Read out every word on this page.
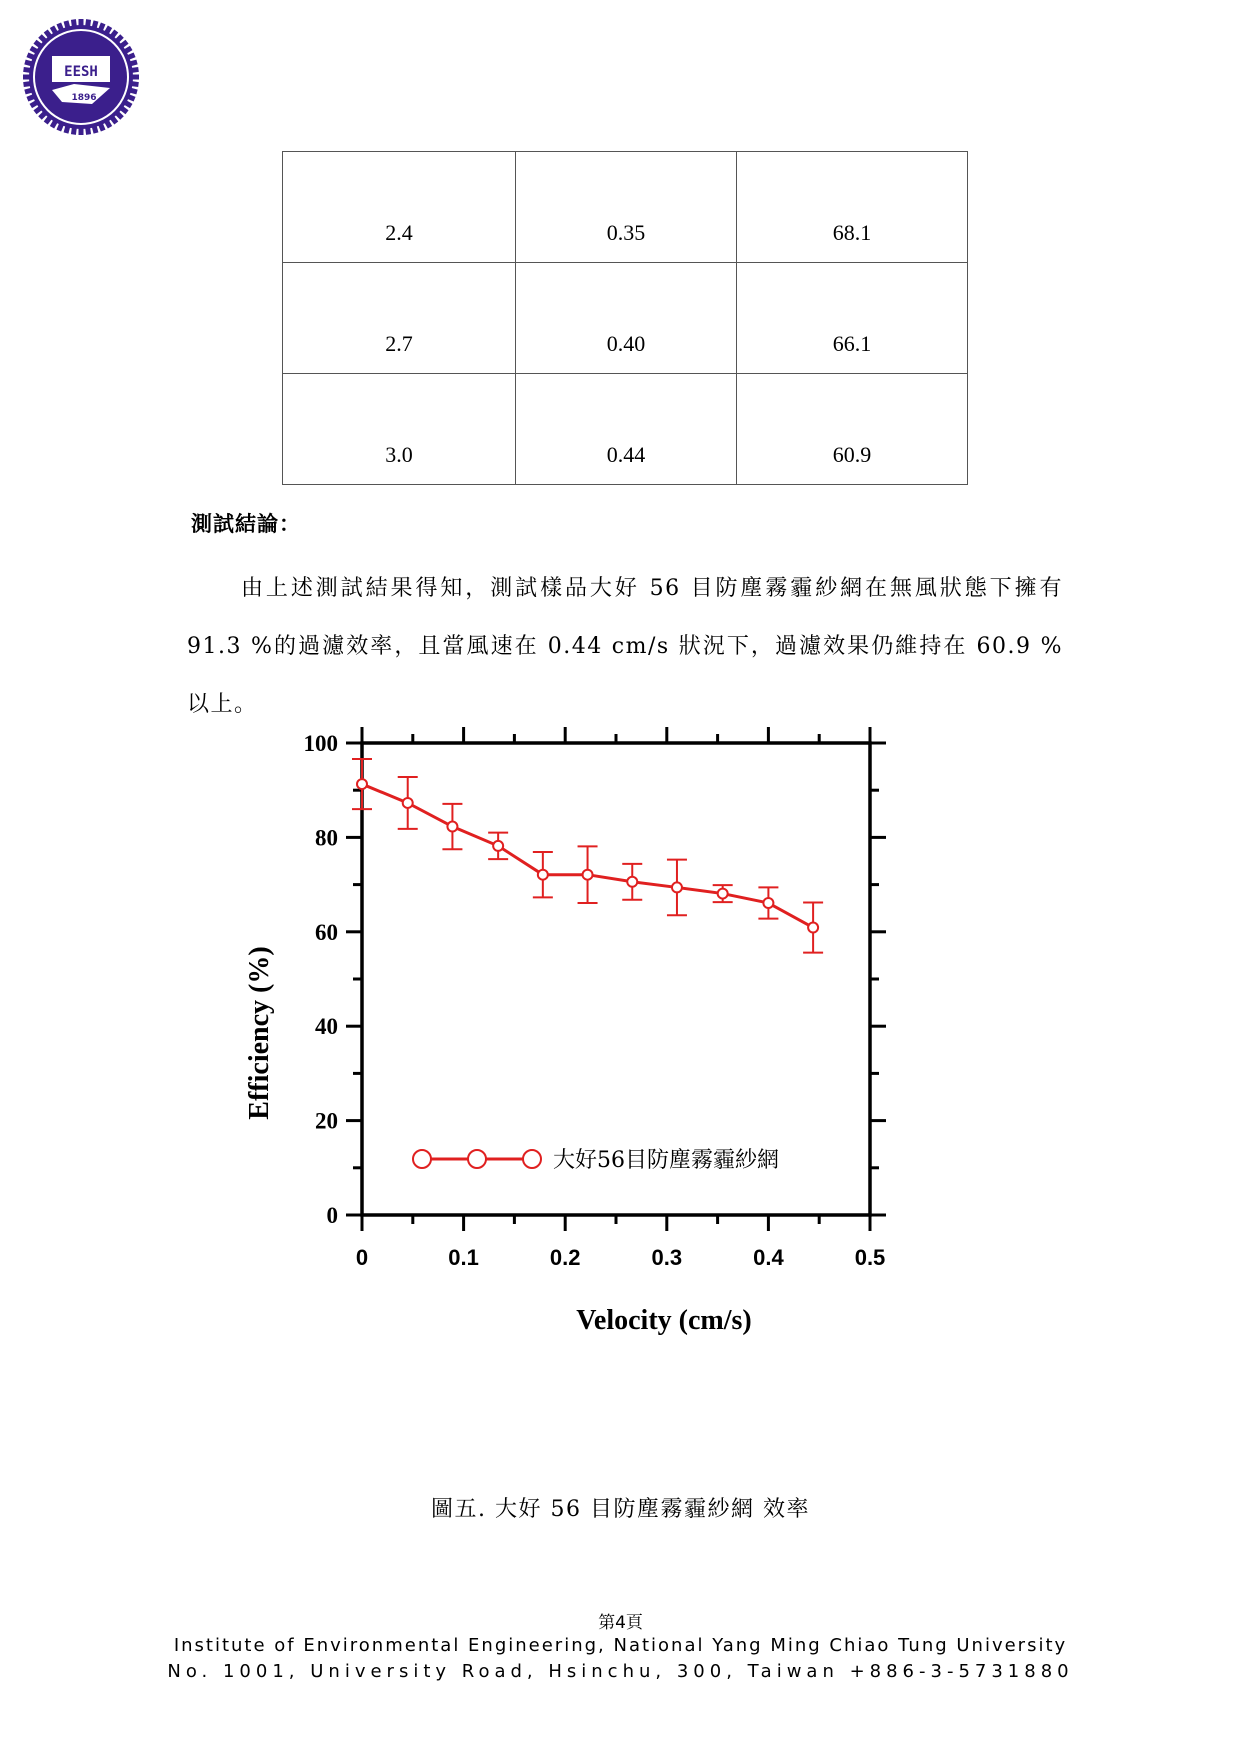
EESH
1896
2.4	0.35	68.1
2.7	0.40	66.1
3.0	0.44	60.9
測試結論：
由上述測試結果得知，測試樣品大好 56 目防塵霧霾紗網在無風狀態下擁有 91.3 %的過濾效率，且當風速在 0.44 cm/s 狀況下，過濾效果仍維持在 60.9 %以上。
0	0.1	0.2	0.3	0.4	0.5
0
20
40
60
80
100
大好56目防塵霧霾紗網
Velocity (cm/s)
Efficiency (%)
圖五. 大好 56 目防塵霧霾紗網 效率
第4頁
Institute of Environmental Engineering, National Yang Ming Chiao Tung University
No. 1001, University Road, Hsinchu, 300, Taiwan +886-3-5731880
